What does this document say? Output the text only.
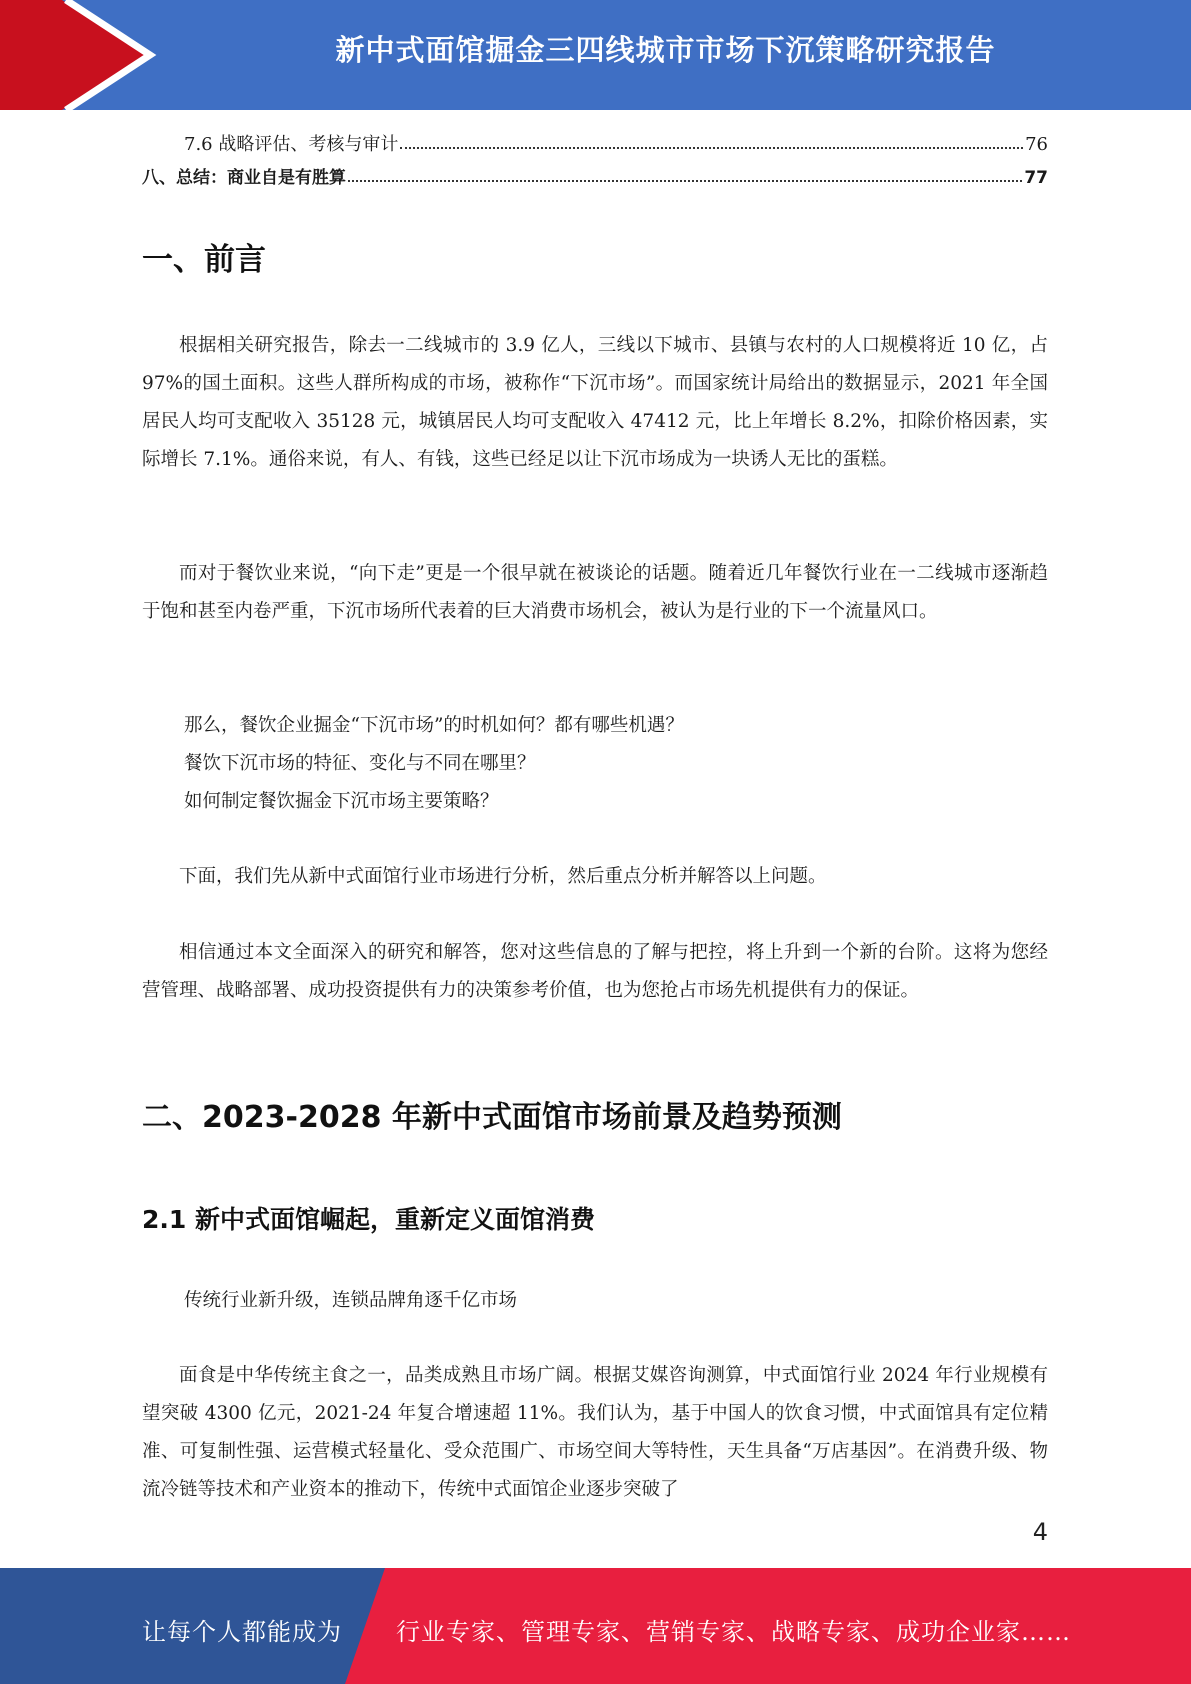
新中式面馆掘金三四线城市市场下沉策略研究报告
7.6 战略评估、考核与审计	76
八、总结：商业自是有胜算	77
一、前言

根据相关研究报告，除去一二线城市的 3.9 亿人，三线以下城市、县镇与农村的人口规模将近 10 亿，占 97%的国土面积。这些人群所构成的市场，被称作“下沉市场”。而国家统计局给出的数据显示，2021 年全国居民人均可支配收入 35128 元，城镇居民人均可支配收入 47412 元，比上年增长 8.2%，扣除价格因素，实际增长 7.1%。通俗来说，有人、有钱，这些已经足以让下沉市场成为一块诱人无比的蛋糕。

而对于餐饮业来说，“向下走”更是一个很早就在被谈论的话题。随着近几年餐饮行业在一二线城市逐渐趋于饱和甚至内卷严重，下沉市场所代表着的巨大消费市场机会，被认为是行业的下一个流量风口。

那么，餐饮企业掘金“下沉市场”的时机如何？都有哪些机遇？
餐饮下沉市场的特征、变化与不同在哪里？
如何制定餐饮掘金下沉市场主要策略？

下面，我们先从新中式面馆行业市场进行分析，然后重点分析并解答以上问题。

相信通过本文全面深入的研究和解答，您对这些信息的了解与把控，将上升到一个新的台阶。这将为您经营管理、战略部署、成功投资提供有力的决策参考价值，也为您抢占市场先机提供有力的保证。

二、2023-2028 年新中式面馆市场前景及趋势预测
2.1 新中式面馆崛起，重新定义面馆消费
传统行业新升级，连锁品牌角逐千亿市场

面食是中华传统主食之一，品类成熟且市场广阔。根据艾媒咨询测算，中式面馆行业 2024 年行业规模有望突破 4300 亿元，2021-24 年复合增速超 11%。我们认为，基于中国人的饮食习惯，中式面馆具有定位精准、可复制性强、运营模式轻量化、受众范围广、市场空间大等特性，天生具备“万店基因”。在消费升级、物流冷链等技术和产业资本的推动下，传统中式面馆企业逐步突破了

4
让每个人都能成为 行业专家、管理专家、营销专家、战略专家、成功企业家……
